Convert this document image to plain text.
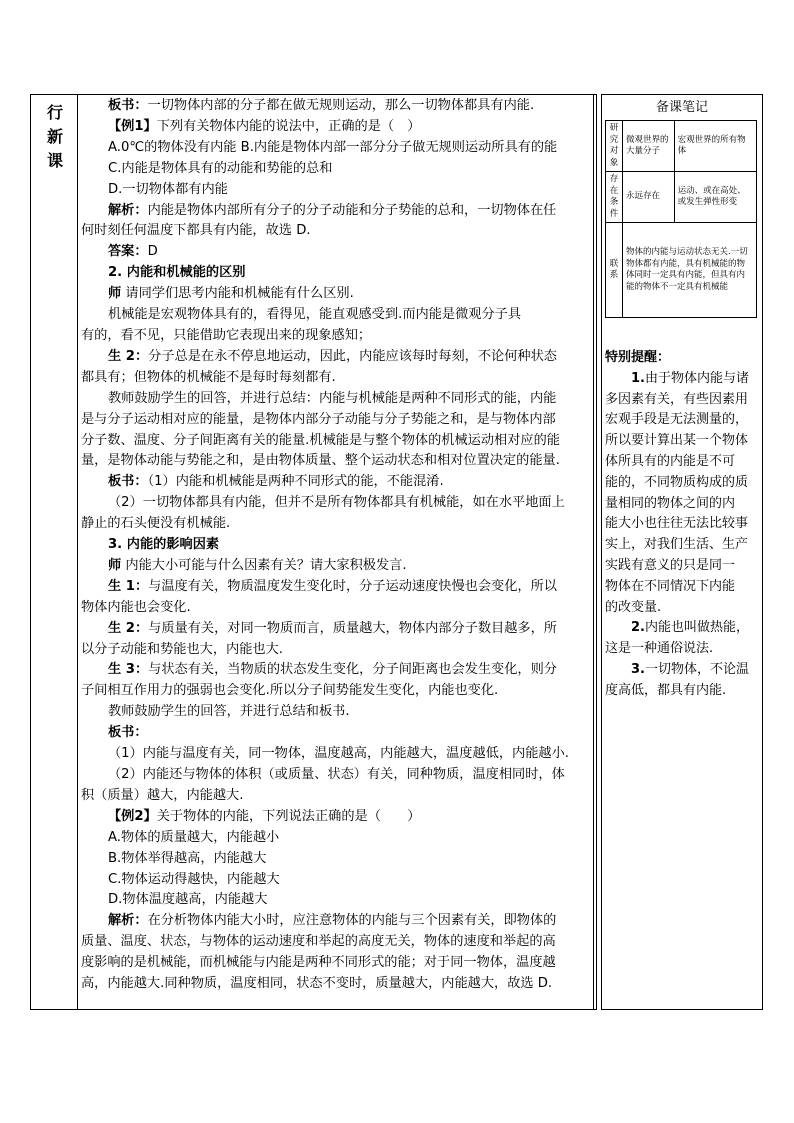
行
新
课

板书：一切物体内部的分子都在做无规则运动，那么一切物体都具有内能.

【例1】下列有关物体内能的说法中，正确的是（　）

A.0℃的物体没有内能 B.内能是物体内部一部分分子做无规则运动所具有的能

C.内能是物体具有的动能和势能的总和

D.一切物体都有内能

解析：内能是物体内部所有分子的分子动能和分子势能的总和，一切物体在任

何时刻任何温度下都具有内能，故选 D.

答案：D

2. 内能和机械能的区别

师 请同学们思考内能和机械能有什么区别.

机械能是宏观物体具有的，看得见，能直观感受到.而内能是微观分子具

有的，看不见，只能借助它表现出来的现象感知；

生 2：分子总是在永不停息地运动，因此，内能应该每时每刻，不论何种状态

都具有；但物体的机械能不是每时每刻都有.

教师鼓励学生的回答，并进行总结：内能与机械能是两种不同形式的能，内能

是与分子运动相对应的能量，是物体内部分子动能与分子势能之和，是与物体内部

分子数、温度、分子间距离有关的能量.机械能是与整个物体的机械运动相对应的能

量，是物体动能与势能之和，是由物体质量、整个运动状态和相对位置决定的能量.

板书：（1）内能和机械能是两种不同形式的能，不能混淆.

（2）一切物体都具有内能，但并不是所有物体都具有机械能，如在水平地面上

静止的石头便没有机械能.

3. 内能的影响因素

师 内能大小可能与什么因素有关？请大家积极发言.

生 1：与温度有关，物质温度发生变化时，分子运动速度快慢也会变化，所以

物体内能也会变化.

生 2：与质量有关，对同一物质而言，质量越大，物体内部分子数目越多，所

以分子动能和势能也大，内能也大.

生 3：与状态有关，当物质的状态发生变化，分子间距离也会发生变化，则分

子间相互作用力的强弱也会变化.所以分子间势能发生变化，内能也变化.

教师鼓励学生的回答，并进行总结和板书.

板书：

（1）内能与温度有关，同一物体，温度越高，内能越大，温度越低，内能越小.

（2）内能还与物体的体积（或质量、状态）有关，同种物质，温度相同时，体

积（质量）越大，内能越大.

【例2】关于物体的内能，下列说法正确的是（　　）

A.物体的质量越大，内能越小

B.物体举得越高，内能越大

C.物体运动得越快，内能越大

D.物体温度越高，内能越大

解析：在分析物体内能大小时，应注意物体的内能与三个因素有关，即物体的

质量、温度、状态，与物体的运动速度和举起的高度无关，物体的速度和举起的高

度影响的是机械能，而机械能与内能是两种不同形式的能；对于同一物体，温度越

高，内能越大.同种物质，温度相同，状态不变时，质量越大，内能越大，故选 D.

备课笔记
研究对象	微观世界的大量分子	宏观世界的所有物体
存在条件	永远存在	运动、或在高处、或发生弹性形变
联系	物体的内能与运动状态无关.一切物体都有内能，具有机械能的物体同时一定具有内能，但具有内能的物体不一定具有机械能	

特别提醒：

1.由于物体内能与诸

多因素有关，有些因素用

宏观手段是无法测量的，

所以要计算出某一个物体

体所具有的内能是不可

能的，不同物质构成的质

量相同的物体之间的内

能大小也往往无法比较事

实上，对我们生活、生产

实践有意义的只是同一

物体在不同情况下内能

的改变量.

2.内能也叫做热能，

这是一种通俗说法.

3.一切物体，不论温

度高低，都具有内能.
